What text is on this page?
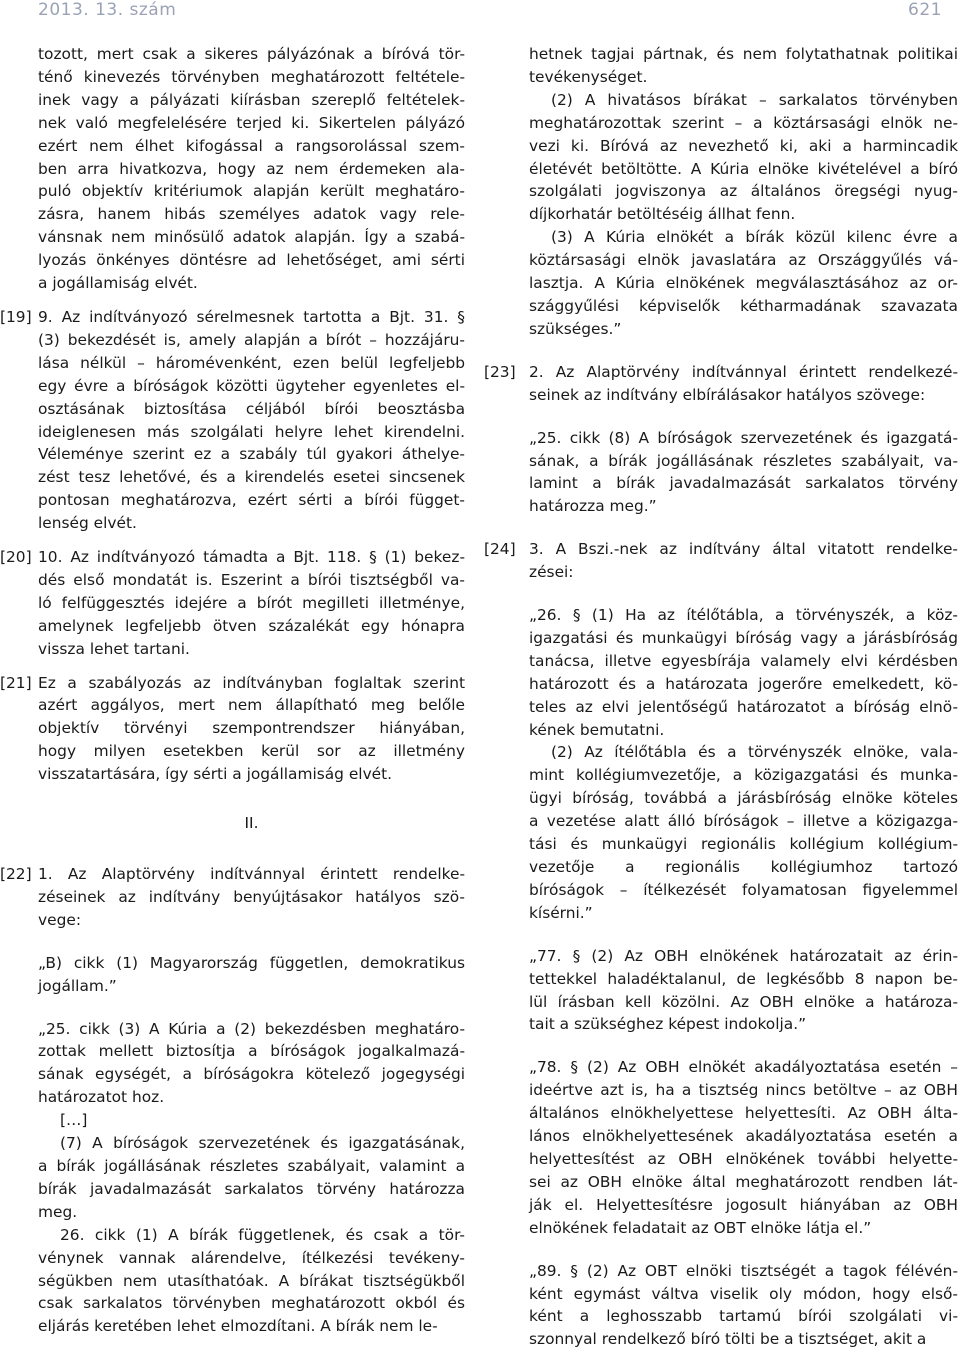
2013. 13. szám	621
tozott, mert csak a sikeres pályázónak a bíróvá tör-
ténő kinevezés törvényben meghatározott feltétele-
inek vagy a pályázati kiírásban szereplő feltételek-
nek való megfelelésére terjed ki. Sikertelen pályázó
ezért nem élhet kifogással a rangsorolással szem-
ben arra hivatkozva, hogy az nem érdemeken ala-
puló objektív kritériumok alapján került meghatáro-
zásra, hanem hibás személyes adatok vagy rele-
vánsnak nem minősülő adatok alapján. Így a szabá-
lyozás önkényes döntésre ad lehetőséget, ami sérti
a jogállamiság elvét.
[19] 9. Az indítványozó sérelmesnek tartotta a Bjt. 31. §
(3) bekezdését is, amely alapján a bírót – hozzájáru-
lása nélkül – háromévenként, ezen belül legfeljebb
egy évre a bíróságok közötti ügyteher egyenletes el-
osztásának biztosítása céljából bírói beosztásba
ideiglenesen más szolgálati helyre lehet kirendelni.
Véleménye szerint ez a szabály túl gyakori áthelye-
zést tesz lehetővé, és a kirendelés esetei sincsenek
pontosan meghatározva, ezért sérti a bírói függet-
lenség elvét.
[20] 10. Az indítványozó támadta a Bjt. 118. § (1) bekez-
dés első mondatát is. Eszerint a bírói tisztségből va-
ló felfüggesztés idejére a bírót megilleti illetménye,
amelynek legfeljebb ötven százalékát egy hónapra
vissza lehet tartani.
[21] Ez a szabályozás az indítványban foglaltak szerint
azért aggályos, mert nem állapítható meg belőle
objektív törvényi szempontrendszer hiányában,
hogy milyen esetekben kerül sor az illetmény
visszatartására, így sérti a jogállamiság elvét.
II.
[22] 1. Az Alaptörvény indítvánnyal érintett rendelke-
zéseinek az indítvány benyújtásakor hatályos szö-
vege:
„B) cikk (1) Magyarország független, demokratikus
jogállam.”
„25. cikk (3) A Kúria a (2) bekezdésben meghatáro-
zottak mellett biztosítja a bíróságok jogalkalmazá-
sának egységét, a bíróságokra kötelező jogegységi
határozatot hoz.
[…]
(7) A bíróságok szervezetének és igazgatásának,
a bírák jogállásának részletes szabályait, valamint a
bírák javadalmazását sarkalatos törvény határozza
meg.
26. cikk (1) A bírák függetlenek, és csak a tör-
vénynek vannak alárendelve, ítélkezési tevékeny-
ségükben nem utasíthatóak. A bírákat tisztségükből
csak sarkalatos törvényben meghatározott okból és
eljárás keretében lehet elmozdítani. A bírák nem le-
hetnek tagjai pártnak, és nem folytathatnak politikai
tevékenységet.
(2) A hivatásos bírákat – sarkalatos törvényben
meghatározottak szerint – a köztársasági elnök ne-
vezi ki. Bíróvá az nevezhető ki, aki a harmincadik
életévét betöltötte. A Kúria elnöke kivételével a bíró
szolgálati jogviszonya az általános öregségi nyug-
díjkorhatár betöltéséig állhat fenn.
(3) A Kúria elnökét a bírák közül kilenc évre a
köztársasági elnök javaslatára az Országgyűlés vá-
lasztja. A Kúria elnökének megválasztásához az or-
szággyűlési képviselők kétharmadának szavazata
szükséges.”
[23] 2. Az Alaptörvény indítvánnyal érintett rendelkezé-
seinek az indítvány elbírálásakor hatályos szövege:
„25. cikk (8) A bíróságok szervezetének és igazgatá-
sának, a bírák jogállásának részletes szabályait, va-
lamint a bírák javadalmazását sarkalatos törvény
határozza meg.”
[24] 3. A Bszi.-nek az indítvány által vitatott rendelke-
zései:
„26. § (1) Ha az ítélőtábla, a törvényszék, a köz-
igazgatási és munkaügyi bíróság vagy a járásbíróság
tanácsa, illetve egyesbírája valamely elvi kérdésben
határozott és a határozata jogerőre emelkedett, kö-
teles az elvi jelentőségű határozatot a bíróság elnö-
kének bemutatni.
(2) Az ítélőtábla és a törvényszék elnöke, vala-
mint kollégiumvezetője, a közigazgatási és munka-
ügyi bíróság, továbbá a járásbíróság elnöke köteles
a vezetése alatt álló bíróságok – illetve a közigazga-
tási és munkaügyi regionális kollégium kollégium-
vezetője a regionális kollégiumhoz tartozó
bíróságok – ítélkezését folyamatosan figyelemmel
kísérni.”
„77. § (2) Az OBH elnökének határozatait az érin-
tettekkel haladéktalanul, de legkésőbb 8 napon be-
lül írásban kell közölni. Az OBH elnöke a határoza-
tait a szükséghez képest indokolja.”
„78. § (2) Az OBH elnökét akadályoztatása esetén –
ideértve azt is, ha a tisztség nincs betöltve – az OBH
általános elnökhelyettese helyettesíti. Az OBH álta-
lános elnökhelyettesének akadályoztatása esetén a
helyettesítést az OBH elnökének további helyette-
sei az OBH elnöke által meghatározott rendben lát-
ják el. Helyettesítésre jogosult hiányában az OBH
elnökének feladatait az OBT elnöke látja el.”
„89. § (2) Az OBT elnöki tisztségét a tagok félévén-
ként egymást váltva viselik oly módon, hogy első-
ként a leghosszabb tartamú bírói szolgálati vi-
szonnyal rendelkező bíró tölti be a tisztséget, akit a
